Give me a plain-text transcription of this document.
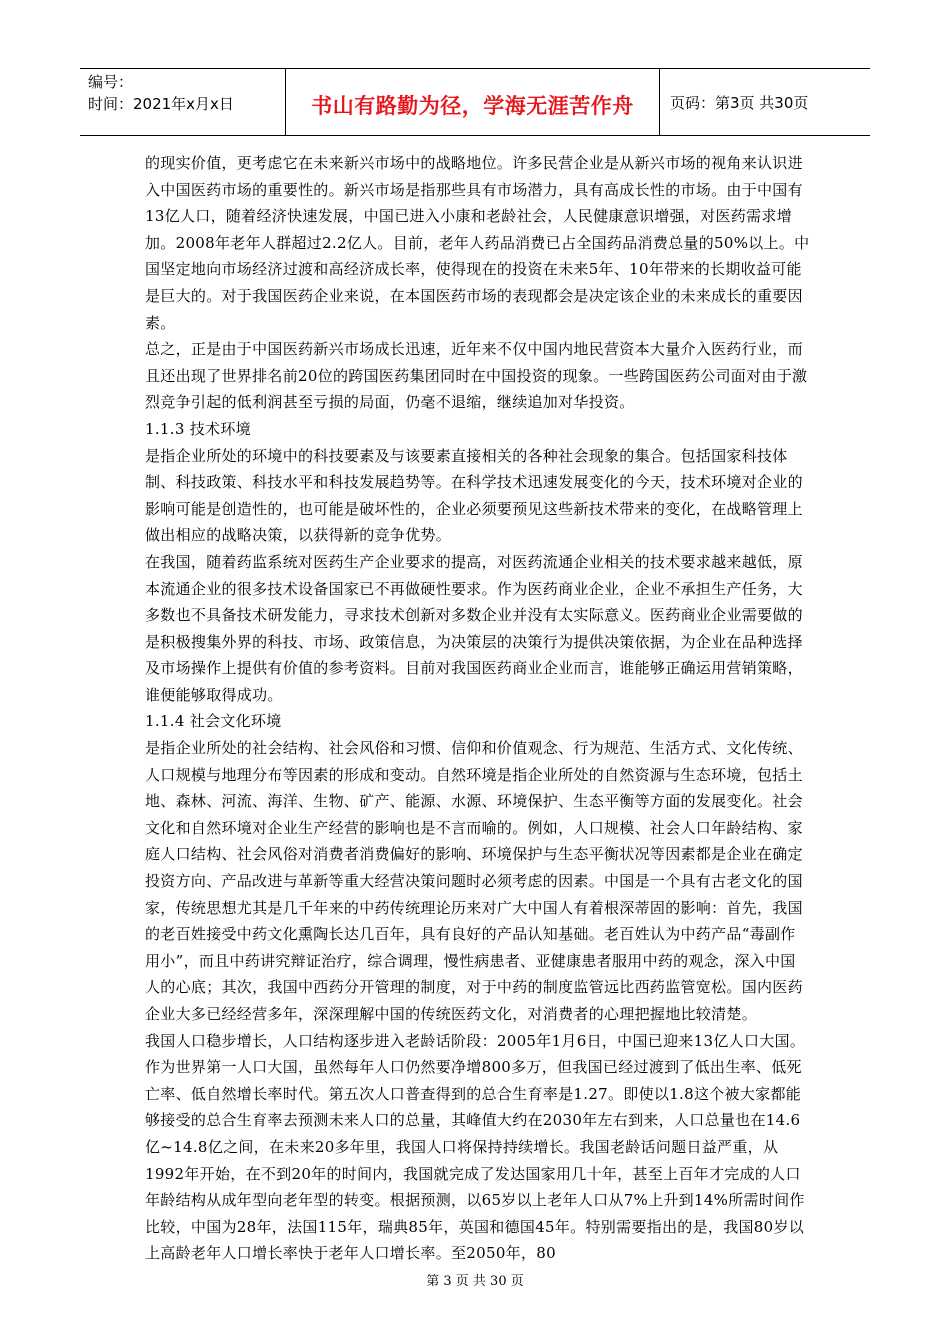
编号：
时间：2021年x月x日	书山有路勤为径，学海无涯苦作舟 页码：第3页 共30页

的现实价值，更考虑它在未来新兴市场中的战略地位。许多民营企业是从新兴市场的视角来认识进入中国医药市场的重要性的。新兴市场是指那些具有市场潜力，具有高成长性的市场。由于中国有13亿人口，随着经济快速发展，中国已进入小康和老龄社会，人民健康意识增强，对医药需求增加。2008年老年人群超过2.2亿人。目前，老年人药品消费已占全国药品消费总量的50%以上。中国坚定地向市场经济过渡和高经济成长率，使得现在的投资在未来5年、10年带来的长期收益可能是巨大的。对于我国医药企业来说，在本国医药市场的表现都会是决定该企业的未来成长的重要因素。

总之，正是由于中国医药新兴市场成长迅速，近年来不仅中国内地民营资本大量介入医药行业，而且还出现了世界排名前20位的跨国医药集团同时在中国投资的现象。一些跨国医药公司面对由于激烈竞争引起的低利润甚至亏损的局面，仍毫不退缩，继续追加对华投资。

1.1.3 技术环境

是指企业所处的环境中的科技要素及与该要素直接相关的各种社会现象的集合。包括国家科技体制、科技政策、科技水平和科技发展趋势等。在科学技术迅速发展变化的今天，技术环境对企业的影响可能是创造性的，也可能是破坏性的，企业必须要预见这些新技术带来的变化，在战略管理上做出相应的战略决策，以获得新的竞争优势。

在我国，随着药监系统对医药生产企业要求的提高，对医药流通企业相关的技术要求越来越低，原本流通企业的很多技术设备国家已不再做硬性要求。作为医药商业企业，企业不承担生产任务，大多数也不具备技术研发能力，寻求技术创新对多数企业并没有太实际意义。医药商业企业需要做的是积极搜集外界的科技、市场、政策信息，为决策层的决策行为提供决策依据，为企业在品种选择及市场操作上提供有价值的参考资料。目前对我国医药商业企业而言，谁能够正确运用营销策略，谁便能够取得成功。

1.1.4 社会文化环境

是指企业所处的社会结构、社会风俗和习惯、信仰和价值观念、行为规范、生活方式、文化传统、人口规模与地理分布等因素的形成和变动。自然环境是指企业所处的自然资源与生态环境，包括土地、森林、河流、海洋、生物、矿产、能源、水源、环境保护、生态平衡等方面的发展变化。社会文化和自然环境对企业生产经营的影响也是不言而喻的。例如，人口规模、社会人口年龄结构、家庭人口结构、社会风俗对消费者消费偏好的影响、环境保护与生态平衡状况等因素都是企业在确定投资方向、产品改进与革新等重大经营决策问题时必须考虑的因素。中国是一个具有古老文化的国家，传统思想尤其是几千年来的中药传统理论历来对广大中国人有着根深蒂固的影响：首先，我国的老百姓接受中药文化熏陶长达几百年，具有良好的产品认知基础。老百姓认为中药产品“毒副作用小”，而且中药讲究辩证治疗，综合调理，慢性病患者、亚健康患者服用中药的观念，深入中国人的心底；其次，我国中西药分开管理的制度，对于中药的制度监管远比西药监管宽松。国内医药企业大多已经经营多年，深深理解中国的传统医药文化，对消费者的心理把握地比较清楚。

我国人口稳步增长，人口结构逐步进入老龄话阶段：2005年1月6日，中国已迎来13亿人口大国。作为世界第一人口大国，虽然每年人口仍然要净增800多万，但我国已经过渡到了低出生率、低死亡率、低自然增长率时代。第五次人口普查得到的总合生育率是1.27。即使以1.8这个被大家都能够接受的总合生育率去预测未来人口的总量，其峰值大约在2030年左右到来，人口总量也在14.6亿~14.8亿之间，在未来20多年里，我国人口将保持持续增长。我国老龄话问题日益严重，从1992年开始，在不到20年的时间内，我国就完成了发达国家用几十年，甚至上百年才完成的人口年龄结构从成年型向老年型的转变。根据预测，以65岁以上老年人口从7%上升到14%所需时间作比较，中国为28年，法国115年，瑞典85年，英国和德国45年。特别需要指出的是，我国80岁以上高龄老年人口增长率快于老年人口增长率。至2050年，80

第 3 页 共 30 页
